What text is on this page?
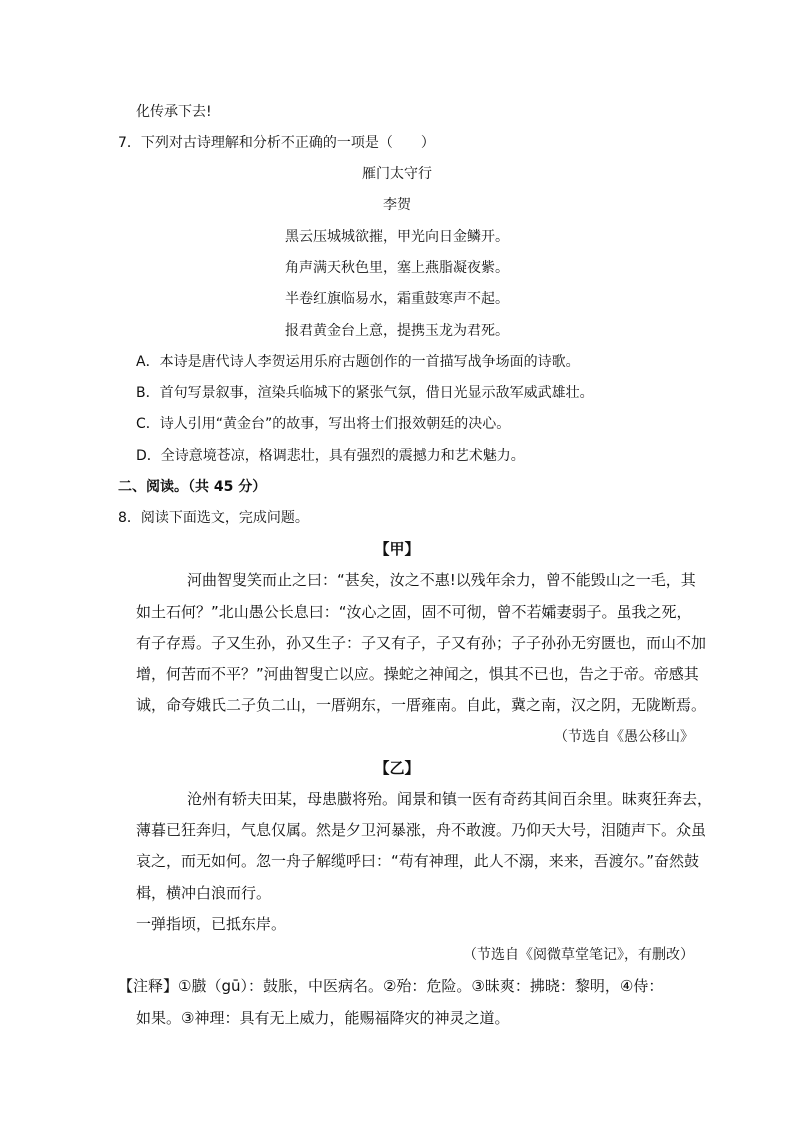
化传承下去!
7．下列对古诗理解和分析不正确的一项是（　　）
雁门太守行
李贺
黑云压城城欲摧，甲光向日金鳞开。
角声满天秋色里，塞上燕脂凝夜紫。
半卷红旗临易水，霜重鼓寒声不起。
报君黄金台上意，提携玉龙为君死。
A．本诗是唐代诗人李贺运用乐府古题创作的一首描写战争场面的诗歌。
B．首句写景叙事，渲染兵临城下的紧张气氛，借日光显示敌军威武雄壮。
C．诗人引用“黄金台”的故事，写出将士们报效朝廷的决心。
D．全诗意境苍凉，格调悲壮，具有强烈的震撼力和艺术魅力。
二、阅读。（共 45 分）
8．阅读下面选文，完成问题。
【甲】
河曲智叟笑而止之曰：“甚矣，汝之不惠!以残年余力，曾不能毁山之一毛，其
如土石何？”北山愚公长息曰：“汝心之固，固不可彻，曾不若孀妻弱子。虽我之死，
有子存焉。子又生孙，孙又生子：子又有子，子又有孙；子子孙孙无穷匮也，而山不加
增，何苦而不平？”河曲智叟亡以应。操蛇之神闻之，惧其不已也，告之于帝。帝感其
诚，命夸娥氏二子负二山，一厝朔东，一厝雍南。自此，冀之南，汉之阴，无陇断焉。
（节选自《愚公移山》
【乙】
沧州有轿夫田某，母患臌将殆。闻景和镇一医有奇药其间百余里。昧爽狂奔去，
薄暮已狂奔归，气息仅属。然是夕卫河暴涨，舟不敢渡。乃仰天大号，泪随声下。众虽
哀之，而无如何。忽一舟子解缆呼曰：“苟有神理，此人不溺，来来，吾渡尔。”奋然鼓
楫，横冲白浪而行。
一弹指顷，已抵东岸。
（节选自《阅微草堂笔记》，有删改）
【注释】①臌（gū）：鼓胀，中医病名。②殆：危险。③昧爽：拂晓：黎明，④侍：
如果。③神理：具有无上威力，能赐福降灾的神灵之道。
